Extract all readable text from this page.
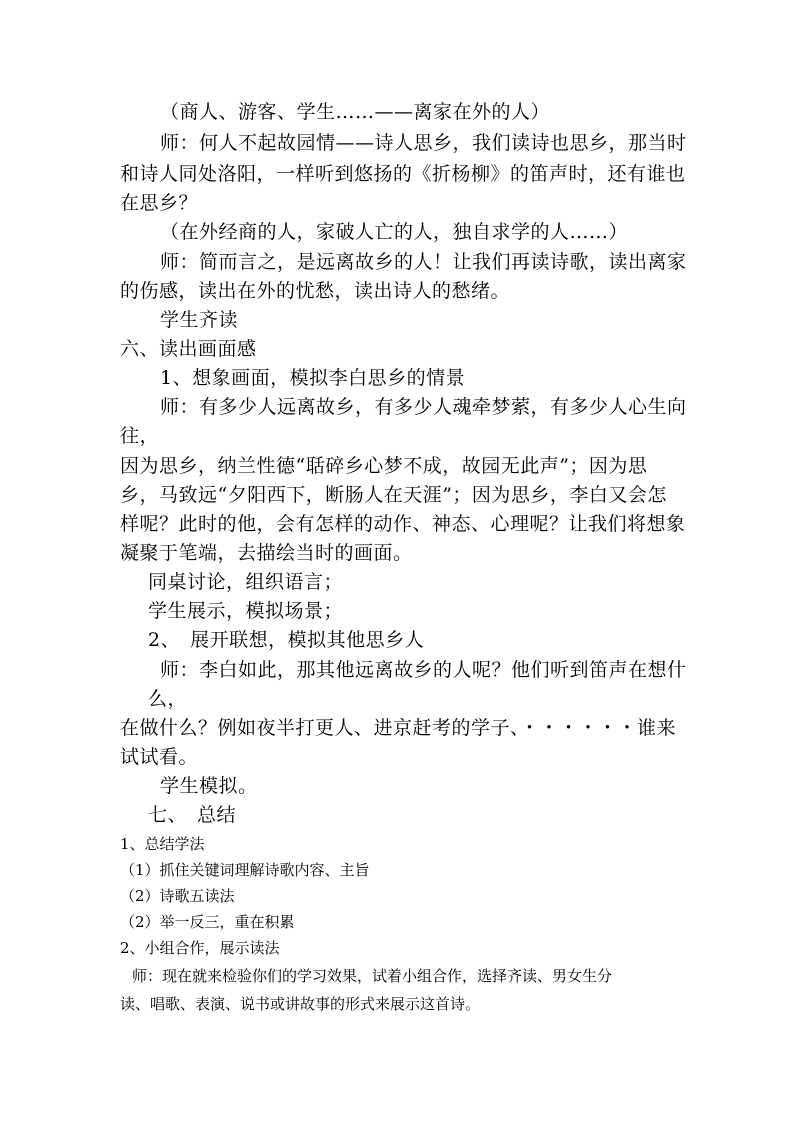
（商人、游客、学生……——离家在外的人）
师：何人不起故园情——诗人思乡，我们读诗也思乡，那当时
和诗人同处洛阳，一样听到悠扬的《折杨柳》的笛声时，还有谁也
在思乡？
（在外经商的人，家破人亡的人，独自求学的人……）
师：简而言之，是远离故乡的人！让我们再读诗歌，读出离家
的伤感，读出在外的忧愁，读出诗人的愁绪。
学生齐读
六、读出画面感
1、想象画面，模拟李白思乡的情景
师：有多少人远离故乡，有多少人魂牵梦萦，有多少人心生向
往，
因为思乡，纳兰性德“聒碎乡心梦不成，故园无此声”；因为思
乡，马致远“夕阳西下，断肠人在天涯”；因为思乡，李白又会怎
样呢？此时的他，会有怎样的动作、神态、心理呢？让我们将想象
凝聚于笔端，去描绘当时的画面。
同桌讨论，组织语言；
学生展示，模拟场景；
2、　展开联想，模拟其他思乡人
师：李白如此，那其他远离故乡的人呢？他们听到笛声在想什
么，
在做什么？例如夜半打更人、进京赶考的学子、・・・・・・谁来
试试看。
学生模拟。
七、　总结
1、总结学法
（1）抓住关键词理解诗歌内容、主旨
（2）诗歌五读法
（2）举一反三，重在积累
2、小组合作，展示读法
师：现在就来检验你们的学习效果，试着小组合作，选择齐读、男女生分
读、唱歌、表演、说书或讲故事的形式来展示这首诗。
